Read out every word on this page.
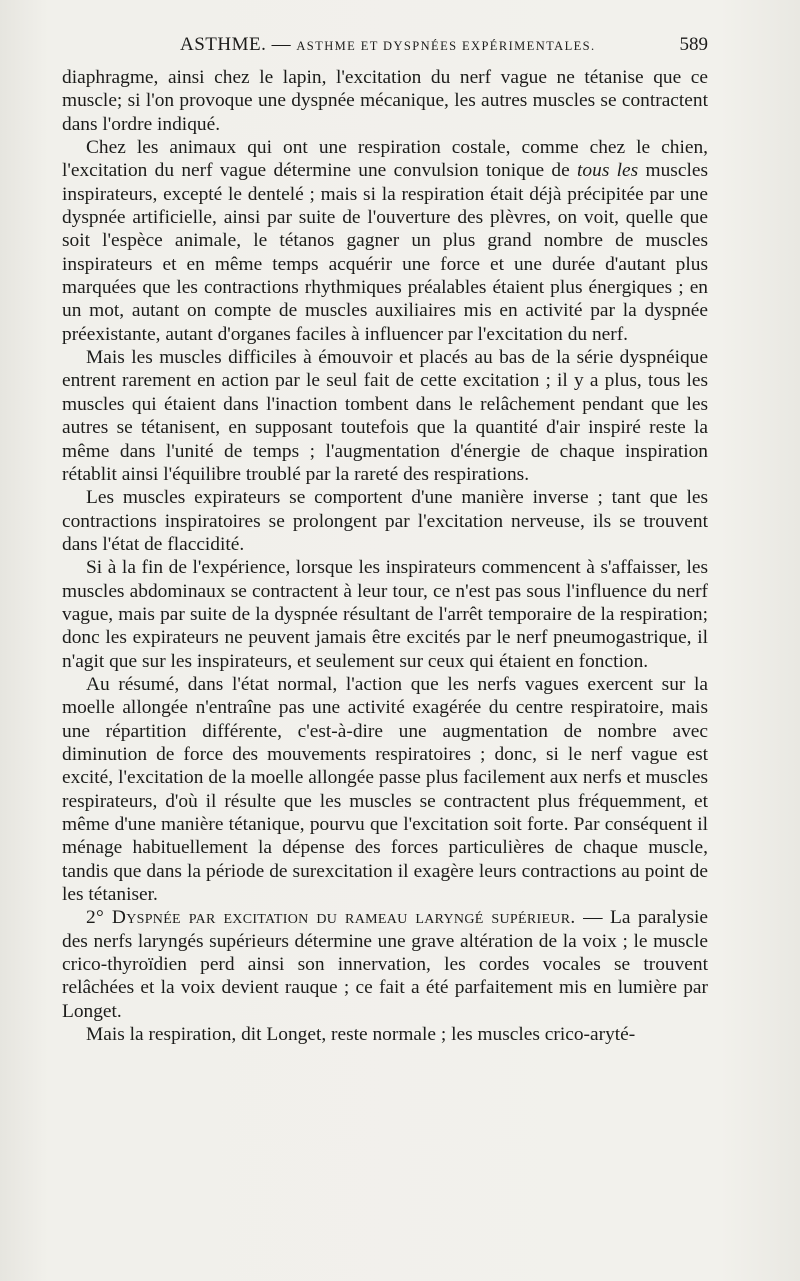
ASTHME. — ASTHME ET DYSPNÉES EXPÉRIMENTALES.	589

diaphragme, ainsi chez le lapin, l'excitation du nerf vague ne tétanise que ce muscle; si l'on provoque une dyspnée mécanique, les autres muscles se contractent dans l'ordre indiqué.

Chez les animaux qui ont une respiration costale, comme chez le chien, l'excitation du nerf vague détermine une convulsion tonique de tous les muscles inspirateurs, excepté le dentelé ; mais si la respiration était déjà précipitée par une dyspnée artificielle, ainsi par suite de l'ouverture des plèvres, on voit, quelle que soit l'espèce animale, le tétanos gagner un plus grand nombre de muscles inspirateurs et en même temps acquérir une force et une durée d'autant plus marquées que les contractions rhythmiques préalables étaient plus énergiques ; en un mot, autant on compte de muscles auxiliaires mis en activité par la dyspnée préexistante, autant d'organes faciles à influencer par l'excitation du nerf.

Mais les muscles difficiles à émouvoir et placés au bas de la série dyspnéique entrent rarement en action par le seul fait de cette excitation ; il y a plus, tous les muscles qui étaient dans l'inaction tombent dans le relâchement pendant que les autres se tétanisent, en supposant toutefois que la quantité d'air inspiré reste la même dans l'unité de temps ; l'augmentation d'énergie de chaque inspiration rétablit ainsi l'équilibre troublé par la rareté des respirations.

Les muscles expirateurs se comportent d'une manière inverse ; tant que les contractions inspiratoires se prolongent par l'excitation nerveuse, ils se trouvent dans l'état de flaccidité.

Si à la fin de l'expérience, lorsque les inspirateurs commencent à s'affaisser, les muscles abdominaux se contractent à leur tour, ce n'est pas sous l'influence du nerf vague, mais par suite de la dyspnée résultant de l'arrêt temporaire de la respiration; donc les expirateurs ne peuvent jamais être excités par le nerf pneumogastrique, il n'agit que sur les inspirateurs, et seulement sur ceux qui étaient en fonction.

Au résumé, dans l'état normal, l'action que les nerfs vagues exercent sur la moelle allongée n'entraîne pas une activité exagérée du centre respiratoire, mais une répartition différente, c'est-à-dire une augmentation de nombre avec diminution de force des mouvements respiratoires ; donc, si le nerf vague est excité, l'excitation de la moelle allongée passe plus facilement aux nerfs et muscles respirateurs, d'où il résulte que les muscles se contractent plus fréquemment, et même d'une manière tétanique, pourvu que l'excitation soit forte. Par conséquent il ménage habituellement la dépense des forces particulières de chaque muscle, tandis que dans la période de surexcitation il exagère leurs contractions au point de les tétaniser.

2° Dyspnée par excitation du rameau laryngé supérieur. — La paralysie des nerfs laryngés supérieurs détermine une grave altération de la voix ; le muscle crico-thyroïdien perd ainsi son innervation, les cordes vocales se trouvent relâchées et la voix devient rauque ; ce fait a été parfaitement mis en lumière par Longet.

Mais la respiration, dit Longet, reste normale ; les muscles crico-aryté-
